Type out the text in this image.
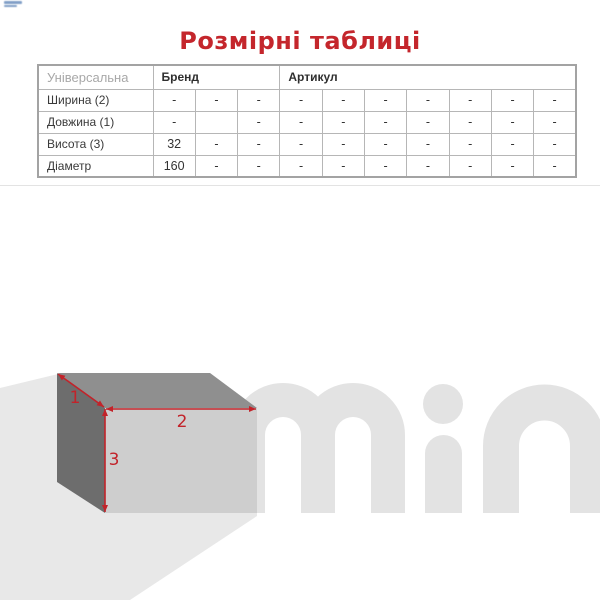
Розмірні таблиці
Універсальна	Бренд			Артикул						
Ширина (2)	-	-	-	-	-	-	-	-	-	-
Довжина (1)	-		-	-	-	-	-	-	-	-
Висота (3)	32	-	-	-	-	-	-	-	-	-
Діаметр	160	-	-	-	-	-	-	-	-	-
1
2
3
